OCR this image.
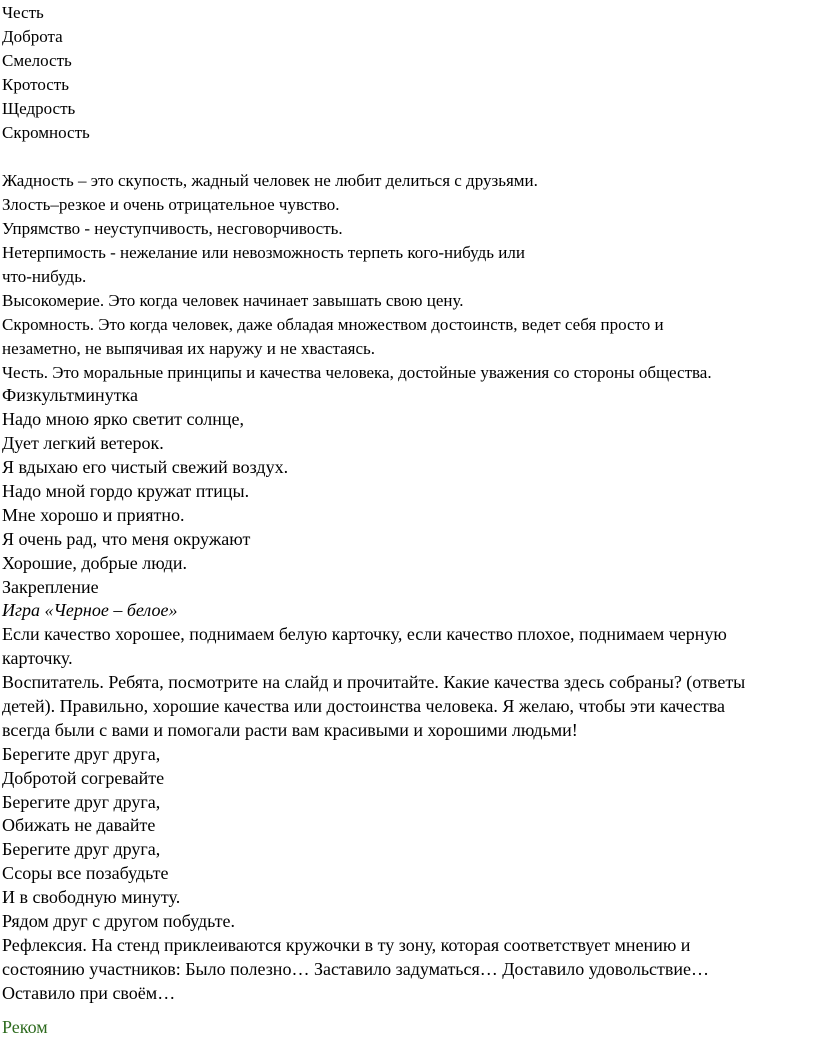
Честь
Доброта
Смелость
Кротость
Щедрость
Скромность
Жадность – это скупость, жадный человек не любит делиться с друзьями.
Злость–резкое и очень отрицательное чувство.
Упрямство - неуступчивость, несговорчивость.
Нетерпимость - нежелание или невозможность терпеть кого-нибудь или
что-нибудь.
Высокомерие. Это когда человек начинает завышать свою цену.
Скромность. Это когда человек, даже обладая множеством достоинств, ведет себя просто и
незаметно, не выпячивая их наружу и не хвастаясь.
Честь. Это моральные принципы и качества человека, достойные уважения со стороны общества.
Физкультминутка
Надо мною ярко светит солнце,
Дует легкий ветерок.
Я вдыхаю его чистый свежий воздух.
Надо мной гордо кружат птицы.
Мне хорошо и приятно.
Я очень рад, что меня окружают
Хорошие, добрые люди.
Закрепление
Игра «Черное – белое»
Если качество хорошее, поднимаем белую карточку, если качество плохое, поднимаем черную
карточку.
Воспитатель. Ребята, посмотрите на слайд и прочитайте. Какие качества здесь собраны? (ответы
детей). Правильно, хорошие качества или достоинства человека. Я желаю, чтобы эти качества
всегда были с вами и помогали расти вам красивыми и хорошими людьми!
Берегите друг друга,
Добротой согревайте
Берегите друг друга,
Обижать не давайте
Берегите друг друга,
Ссоры все позабудьте
И в свободную минуту.
Рядом друг с другом побудьте.
Рефлексия. На стенд приклеиваются кружочки в ту зону, которая соответствует мнению и
состоянию участников: Было полезно… Заставило задуматься… Доставило удовольствие…
Оставило при своём…
Реком
